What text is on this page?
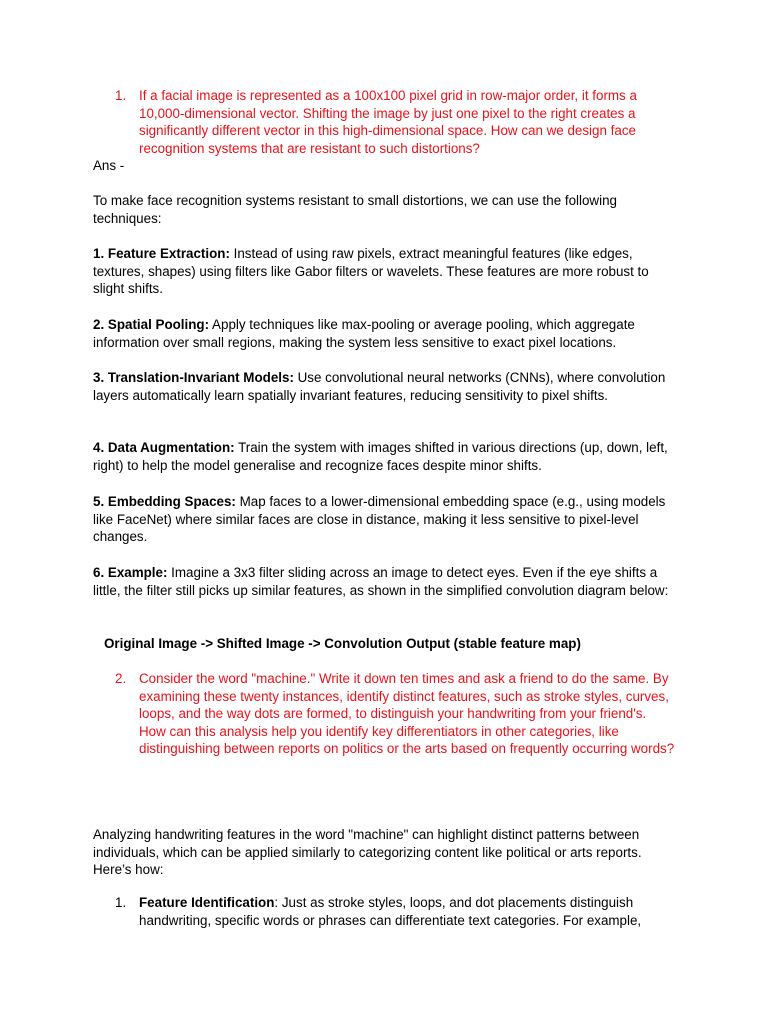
1. If a facial image is represented as a 100x100 pixel grid in row-major order, it forms a 10,000-dimensional vector. Shifting the image by just one pixel to the right creates a significantly different vector in this high-dimensional space. How can we design face recognition systems that are resistant to such distortions?
Ans -
To make face recognition systems resistant to small distortions, we can use the following techniques:
1. Feature Extraction: Instead of using raw pixels, extract meaningful features (like edges, textures, shapes) using filters like Gabor filters or wavelets. These features are more robust to slight shifts.
2. Spatial Pooling: Apply techniques like max-pooling or average pooling, which aggregate information over small regions, making the system less sensitive to exact pixel locations.
3. Translation-Invariant Models: Use convolutional neural networks (CNNs), where convolution layers automatically learn spatially invariant features, reducing sensitivity to pixel shifts.
4. Data Augmentation: Train the system with images shifted in various directions (up, down, left, right) to help the model generalise and recognize faces despite minor shifts.
5. Embedding Spaces: Map faces to a lower-dimensional embedding space (e.g., using models like FaceNet) where similar faces are close in distance, making it less sensitive to pixel-level changes.
6. Example: Imagine a 3x3 filter sliding across an image to detect eyes. Even if the eye shifts a little, the filter still picks up similar features, as shown in the simplified convolution diagram below:
Original Image -> Shifted Image -> Convolution Output (stable feature map)
2. Consider the word "machine." Write it down ten times and ask a friend to do the same. By examining these twenty instances, identify distinct features, such as stroke styles, curves, loops, and the way dots are formed, to distinguish your handwriting from your friend's. How can this analysis help you identify key differentiators in other categories, like distinguishing between reports on politics or the arts based on frequently occurring words?
Analyzing handwriting features in the word "machine" can highlight distinct patterns between individuals, which can be applied similarly to categorizing content like political or arts reports. Here’s how:
1. Feature Identification: Just as stroke styles, loops, and dot placements distinguish handwriting, specific words or phrases can differentiate text categories. For example,
